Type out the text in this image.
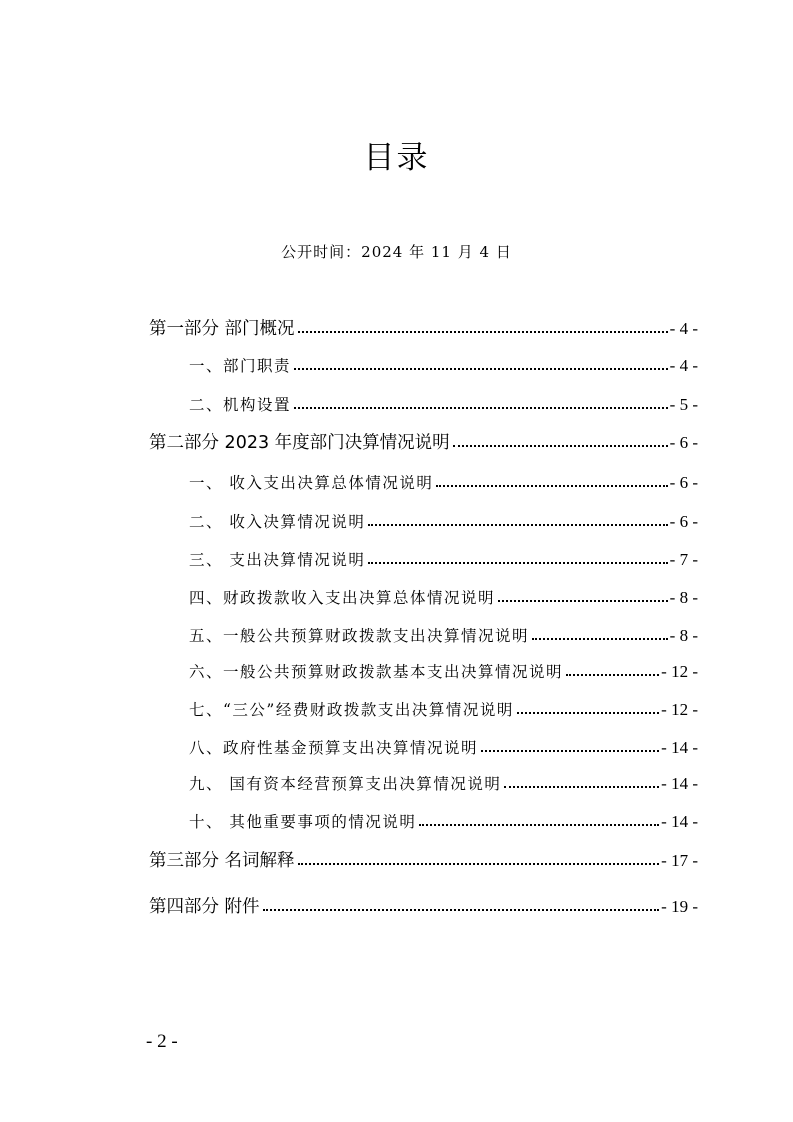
目录
公开时间：2024 年 11 月 4 日
第一部分 部门概况	- 4 -
一、部门职责	- 4 -
二、机构设置	- 5 -
第二部分 2023 年度部门决算情况说明	- 6 -
一、 收入支出决算总体情况说明	- 6 -
二、 收入决算情况说明	- 6 -
三、 支出决算情况说明	- 7 -
四、财政拨款收入支出决算总体情况说明	- 8 -
五、一般公共预算财政拨款支出决算情况说明	- 8 -
六、一般公共预算财政拨款基本支出决算情况说明	- 12 -
七、“三公”经费财政拨款支出决算情况说明	- 12 -
八、政府性基金预算支出决算情况说明	- 14 -
九、 国有资本经营预算支出决算情况说明	- 14 -
十、 其他重要事项的情况说明	- 14 -
第三部分 名词解释	- 17 -
第四部分 附件	- 19 -
- 2 -
